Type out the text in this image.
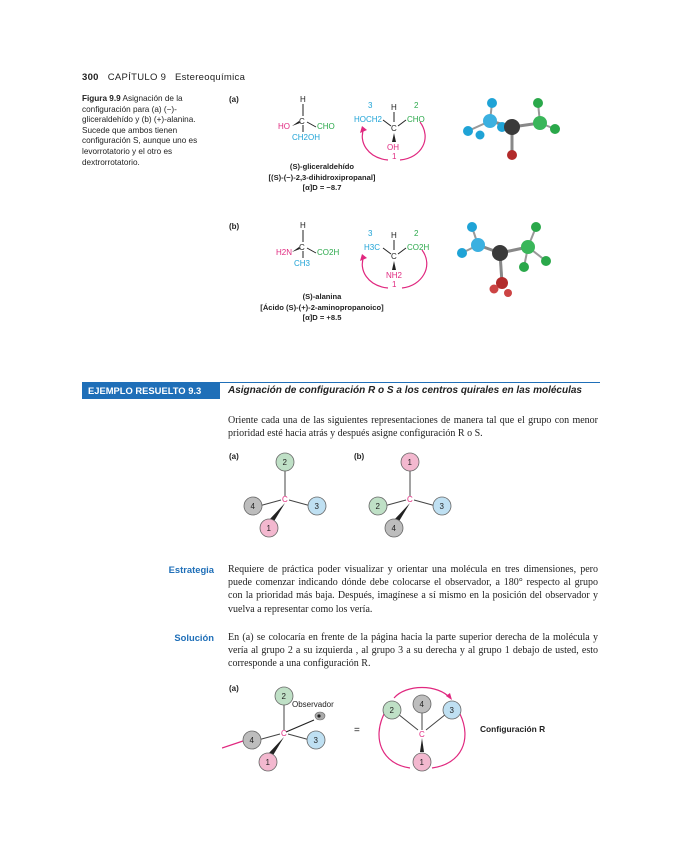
300 CAPÍTULO 9 Estereoquímica
Figura 9.9 Asignación de la configuración para (a) (−)-gliceraldehído y (b) (+)-alanina. Sucede que ambos tienen configuración S, aunque uno es levorrotatorio y el otro es dextrorrotatorio.
(a)	H
C
HO	CHO
CH2OH
3	2
H
HOCH2
C
CHO
OH
1
(S)-gliceraldehído
[(S)-(−)-2,3-dihidroxipropanal]
[α]D = −8.7
(b)	H
C
H2N	CO2H
CH3
3	2
H
H3C
C
CO2H
NH2
1
(S)-alanina
[Ácido (S)-(+)-2-aminopropanoico]
[α]D = +8.5
EJEMPLO RESUELTO 9.3	Asignación de configuración R o S a los centros quirales en las moléculas
Oriente cada una de las siguientes representaciones de manera tal que el grupo con menor prioridad esté hacia atrás y después asigne configuración R o S.
(a)
C
2
4	3
1
(b)
C
1
2	3
4
Estrategia Requiere de práctica poder visualizar y orientar una molécula en tres dimensiones, pero puede comenzar indicando dónde debe colocarse el observador, a 180° respecto al grupo con la prioridad más baja. Después, imagínese a sí mismo en la posición del observador y vuelva a representar como los vería.
Solución En (a) se colocaría en frente de la página hacia la parte superior derecha de la molécula y vería al grupo 2 a su izquierda , al grupo 3 a su derecha y al grupo 1 debajo de usted, esto corresponde a una configuración R.
(a)
Observador
C
2
4	3
1
=	C
4
2	3
1
Configuración R
